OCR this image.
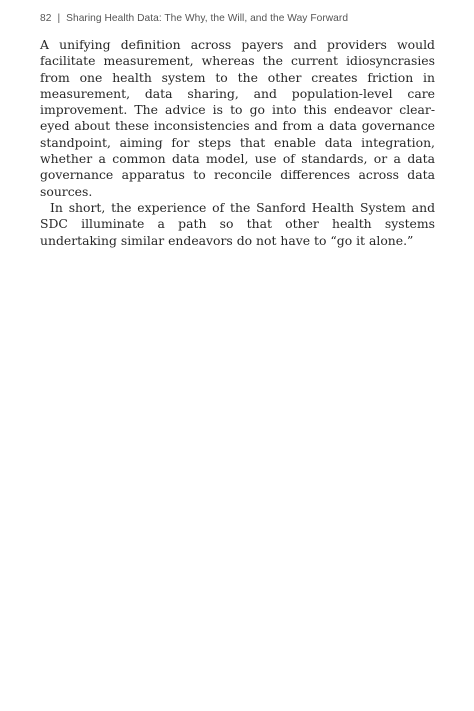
82 | Sharing Health Data: The Why, the Will, and the Way Forward

A unifying definition across payers and providers would facilitate measurement, whereas the current idiosyncrasies from one health system to the other creates friction in measurement, data sharing, and population-level care improvement. The advice is to go into this endeavor clear-eyed about these inconsistencies and from a data governance standpoint, aiming for steps that enable data integration, whether a common data model, use of standards, or a data governance apparatus to reconcile differences across data sources.

In short, the experience of the Sanford Health System and SDC illuminate a path so that other health systems undertaking similar endeavors do not have to “go it alone.”
